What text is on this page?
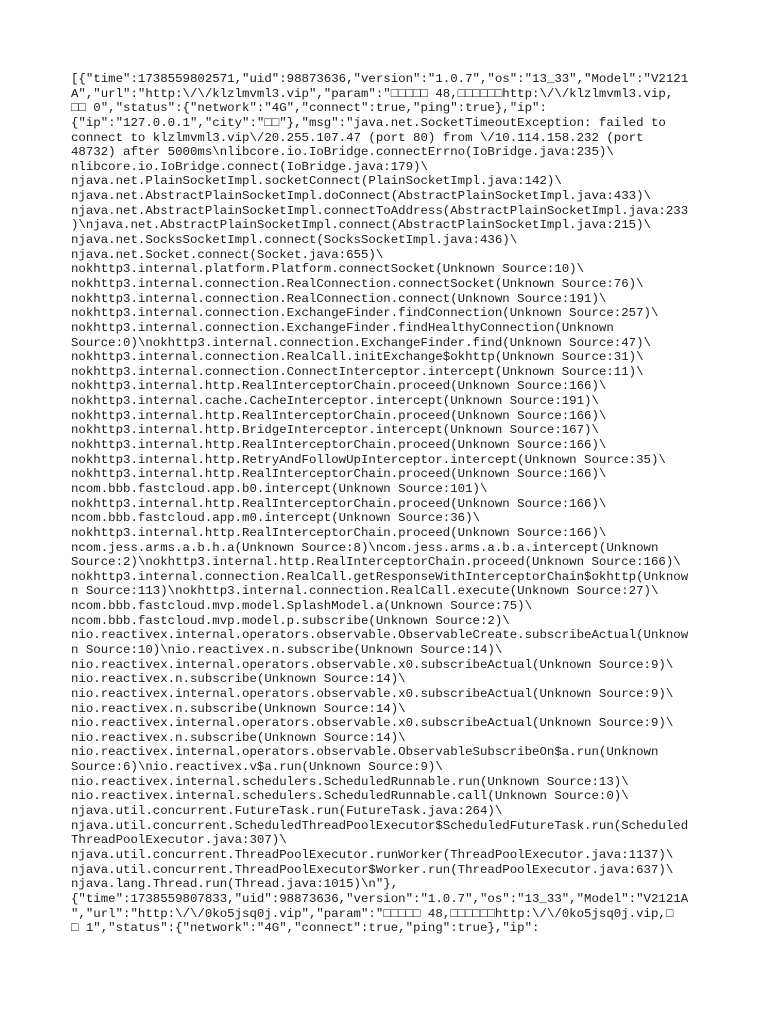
[{"time":1738559802571,"uid":98873636,"version":"1.0.7","os":"13_33","Model":"V2121
A","url":"http:\/\/klzlmvml3.vip","param":"□□□□□ 48,□□□□□□http:\/\/klzlmvml3.vip,
□□ 0","status":{"network":"4G","connect":true,"ping":true},"ip":
{"ip":"127.0.0.1","city":"□□"},"msg":"java.net.SocketTimeoutException: failed to
connect to klzlmvml3.vip\/20.255.107.47 (port 80) from \/10.114.158.232 (port
48732) after 5000ms\nlibcore.io.IoBridge.connectErrno(IoBridge.java:235)\
nlibcore.io.IoBridge.connect(IoBridge.java:179)\
njava.net.PlainSocketImpl.socketConnect(PlainSocketImpl.java:142)\
njava.net.AbstractPlainSocketImpl.doConnect(AbstractPlainSocketImpl.java:433)\
njava.net.AbstractPlainSocketImpl.connectToAddress(AbstractPlainSocketImpl.java:233
)\njava.net.AbstractPlainSocketImpl.connect(AbstractPlainSocketImpl.java:215)\
njava.net.SocksSocketImpl.connect(SocksSocketImpl.java:436)\
njava.net.Socket.connect(Socket.java:655)\
nokhttp3.internal.platform.Platform.connectSocket(Unknown Source:10)\
nokhttp3.internal.connection.RealConnection.connectSocket(Unknown Source:76)\
nokhttp3.internal.connection.RealConnection.connect(Unknown Source:191)\
nokhttp3.internal.connection.ExchangeFinder.findConnection(Unknown Source:257)\
nokhttp3.internal.connection.ExchangeFinder.findHealthyConnection(Unknown
Source:0)\nokhttp3.internal.connection.ExchangeFinder.find(Unknown Source:47)\
nokhttp3.internal.connection.RealCall.initExchange$okhttp(Unknown Source:31)\
nokhttp3.internal.connection.ConnectInterceptor.intercept(Unknown Source:11)\
nokhttp3.internal.http.RealInterceptorChain.proceed(Unknown Source:166)\
nokhttp3.internal.cache.CacheInterceptor.intercept(Unknown Source:191)\
nokhttp3.internal.http.RealInterceptorChain.proceed(Unknown Source:166)\
nokhttp3.internal.http.BridgeInterceptor.intercept(Unknown Source:167)\
nokhttp3.internal.http.RealInterceptorChain.proceed(Unknown Source:166)\
nokhttp3.internal.http.RetryAndFollowUpInterceptor.intercept(Unknown Source:35)\
nokhttp3.internal.http.RealInterceptorChain.proceed(Unknown Source:166)\
ncom.bbb.fastcloud.app.b0.intercept(Unknown Source:101)\
nokhttp3.internal.http.RealInterceptorChain.proceed(Unknown Source:166)\
ncom.bbb.fastcloud.app.m0.intercept(Unknown Source:36)\
nokhttp3.internal.http.RealInterceptorChain.proceed(Unknown Source:166)\
ncom.jess.arms.a.b.h.a(Unknown Source:8)\ncom.jess.arms.a.b.a.intercept(Unknown
Source:2)\nokhttp3.internal.http.RealInterceptorChain.proceed(Unknown Source:166)\
nokhttp3.internal.connection.RealCall.getResponseWithInterceptorChain$okhttp(Unknow
n Source:113)\nokhttp3.internal.connection.RealCall.execute(Unknown Source:27)\
ncom.bbb.fastcloud.mvp.model.SplashModel.a(Unknown Source:75)\
ncom.bbb.fastcloud.mvp.model.p.subscribe(Unknown Source:2)\
nio.reactivex.internal.operators.observable.ObservableCreate.subscribeActual(Unknow
n Source:10)\nio.reactivex.n.subscribe(Unknown Source:14)\
nio.reactivex.internal.operators.observable.x0.subscribeActual(Unknown Source:9)\
nio.reactivex.n.subscribe(Unknown Source:14)\
nio.reactivex.internal.operators.observable.x0.subscribeActual(Unknown Source:9)\
nio.reactivex.n.subscribe(Unknown Source:14)\
nio.reactivex.internal.operators.observable.x0.subscribeActual(Unknown Source:9)\
nio.reactivex.n.subscribe(Unknown Source:14)\
nio.reactivex.internal.operators.observable.ObservableSubscribeOn$a.run(Unknown
Source:6)\nio.reactivex.v$a.run(Unknown Source:9)\
nio.reactivex.internal.schedulers.ScheduledRunnable.run(Unknown Source:13)\
nio.reactivex.internal.schedulers.ScheduledRunnable.call(Unknown Source:0)\
njava.util.concurrent.FutureTask.run(FutureTask.java:264)\
njava.util.concurrent.ScheduledThreadPoolExecutor$ScheduledFutureTask.run(Scheduled
ThreadPoolExecutor.java:307)\
njava.util.concurrent.ThreadPoolExecutor.runWorker(ThreadPoolExecutor.java:1137)\
njava.util.concurrent.ThreadPoolExecutor$Worker.run(ThreadPoolExecutor.java:637)\
njava.lang.Thread.run(Thread.java:1015)\n"},
{"time":1738559807833,"uid":98873636,"version":"1.0.7","os":"13_33","Model":"V2121A
","url":"http:\/\/0ko5jsq0j.vip","param":"□□□□□ 48,□□□□□□http:\/\/0ko5jsq0j.vip,□
□ 1","status":{"network":"4G","connect":true,"ping":true},"ip":
